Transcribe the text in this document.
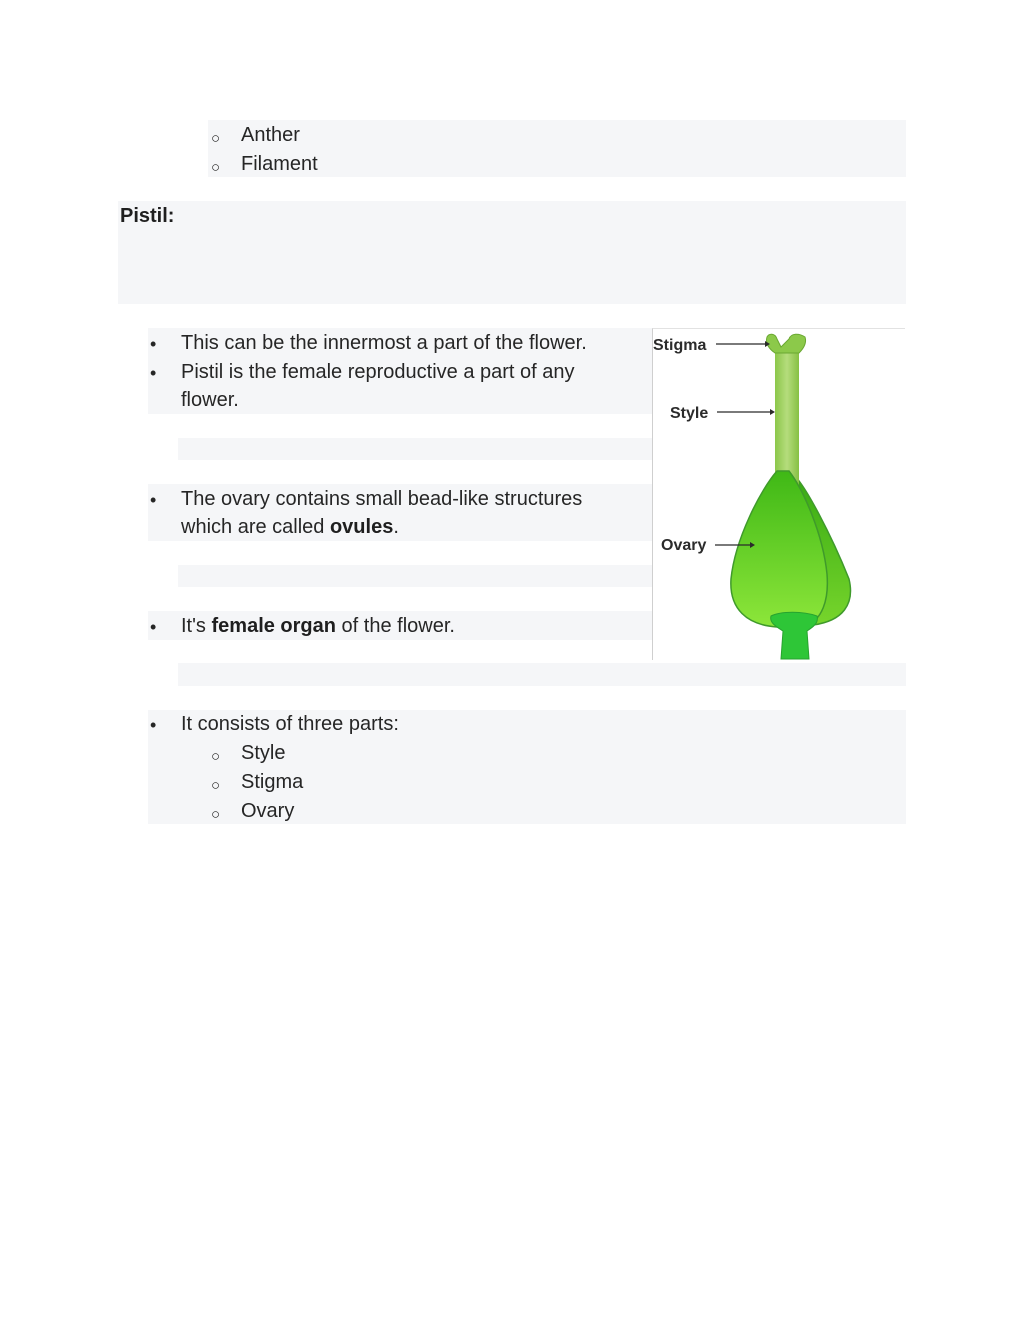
○ Anther
○ Filament
Pistil:
• This can be the innermost a part of the flower.
• Pistil is the female reproductive a part of any
flower.
• The ovary contains small bead-like structures
which are called ovules.
• It's female organ of the flower.
• It consists of three parts:
○ Style
○ Stigma
○ Ovary
Stigma
Style
Ovary
